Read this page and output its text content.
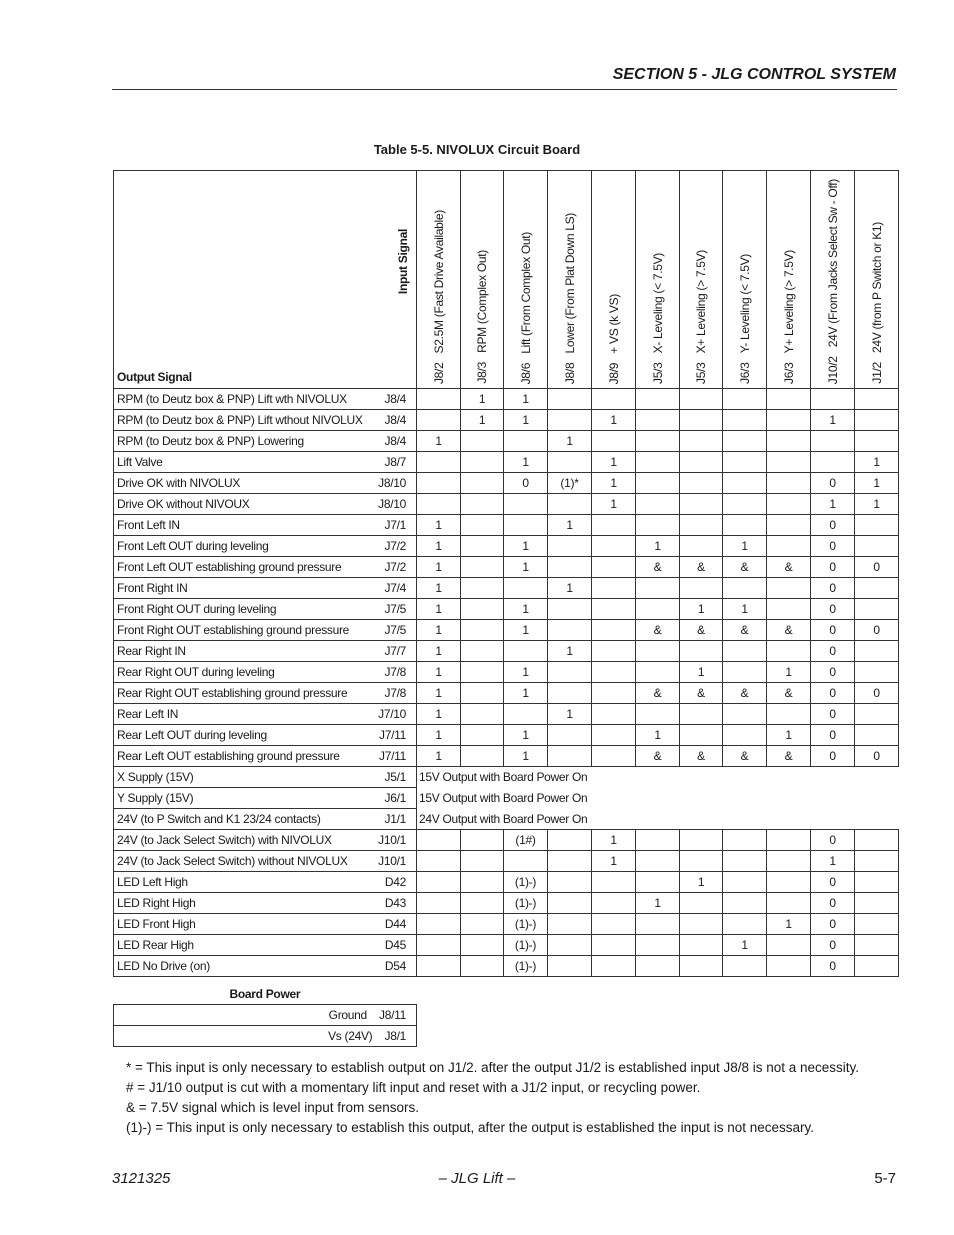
SECTION 5 - JLG CONTROL SYSTEM
Table 5-5. NIVOLUX Circuit Board
Input Signal
Output Signal	J8/2   S2.5M (Fast Drive Available)	J8/3   RPM (Complex Out)	J8/6   Lift (From Complex Out)	J8/8   Lower (From Plat Down LS)	J8/9   + VS (k VS)	J5/3   X- Leveling (< 7.5V)	J5/3   X+ Leveling (> 7.5V)	J6/3   Y- Leveling (< 7.5V)	J6/3   Y+ Leveling (> 7.5V)	J10/2   24V (From Jacks Select Sw - Off)	J1/2   24V (from P Switch or K1)

RPM (to Deutz box & PNP) Lift wth NIVOLUX J8/4		1	1								

RPM (to Deutz box & PNP) Lift wthout NIVOLUX J8/4		1	1		1					1	

RPM (to Deutz box & PNP) Lowering J8/4	1			1							

Lift Valve J8/7			1		1						1

Drive OK with NIVOLUX J8/10			0	(1)*	1					0	1

Drive OK without NIVOUX J8/10					1					1	1

Front Left IN J7/1	1			1						0	

Front Left OUT during leveling J7/2	1		1			1		1		0	

Front Left OUT establishing ground pressure J7/2	1		1			&	&	&	&	0	0

Front Right IN J7/4	1			1						0	

Front Right OUT during leveling J7/5	1		1				1	1		0	

Front Right OUT establishing ground pressure J7/5	1		1			&	&	&	&	0	0

Rear Right IN J7/7	1			1						0	

Rear Right OUT during leveling J7/8	1		1				1		1	0	

Rear Right OUT establishing ground pressure J7/8	1		1			&	&	&	&	0	0

Rear Left IN J7/10	1			1						0	

Rear Left OUT during leveling J7/11	1		1			1			1	0	

Rear Left OUT establishing ground pressure J7/11	1		1			&	&	&	&	0	0

X Supply (15V) J5/1	15V Output with Board Power On										

Y Supply (15V) J6/1	15V Output with Board Power On										

24V (to P Switch and K1 23/24 contacts) J1/1	24V Output with Board Power On										

24V (to Jack Select Switch) with NIVOLUX J10/1			(1#)		1					0	

24V (to Jack Select Switch) without NIVOLUX J10/1					1					1	

LED Left High D42			(1)-)				1			0	

LED Right High D43			(1)-)			1				0	

LED Front High D44			(1)-)						1	0	

LED Rear High D45			(1)-)					1		0	

LED No Drive (on) D54			(1)-)							0	
Board Power
Ground J8/11
Vs (24V) J8/1
* = This input is only necessary to establish output on J1/2. after the output J1/2 is established input J8/8 is not a necessity.
# = J1/10 output is cut with a momentary lift input and reset with a J1/2 input, or recycling power.
& = 7.5V signal which is level input from sensors.
(1)-) = This input is only necessary to establish this output, after the output is established the input is not necessary.
3121325	– JLG Lift –	5-7
